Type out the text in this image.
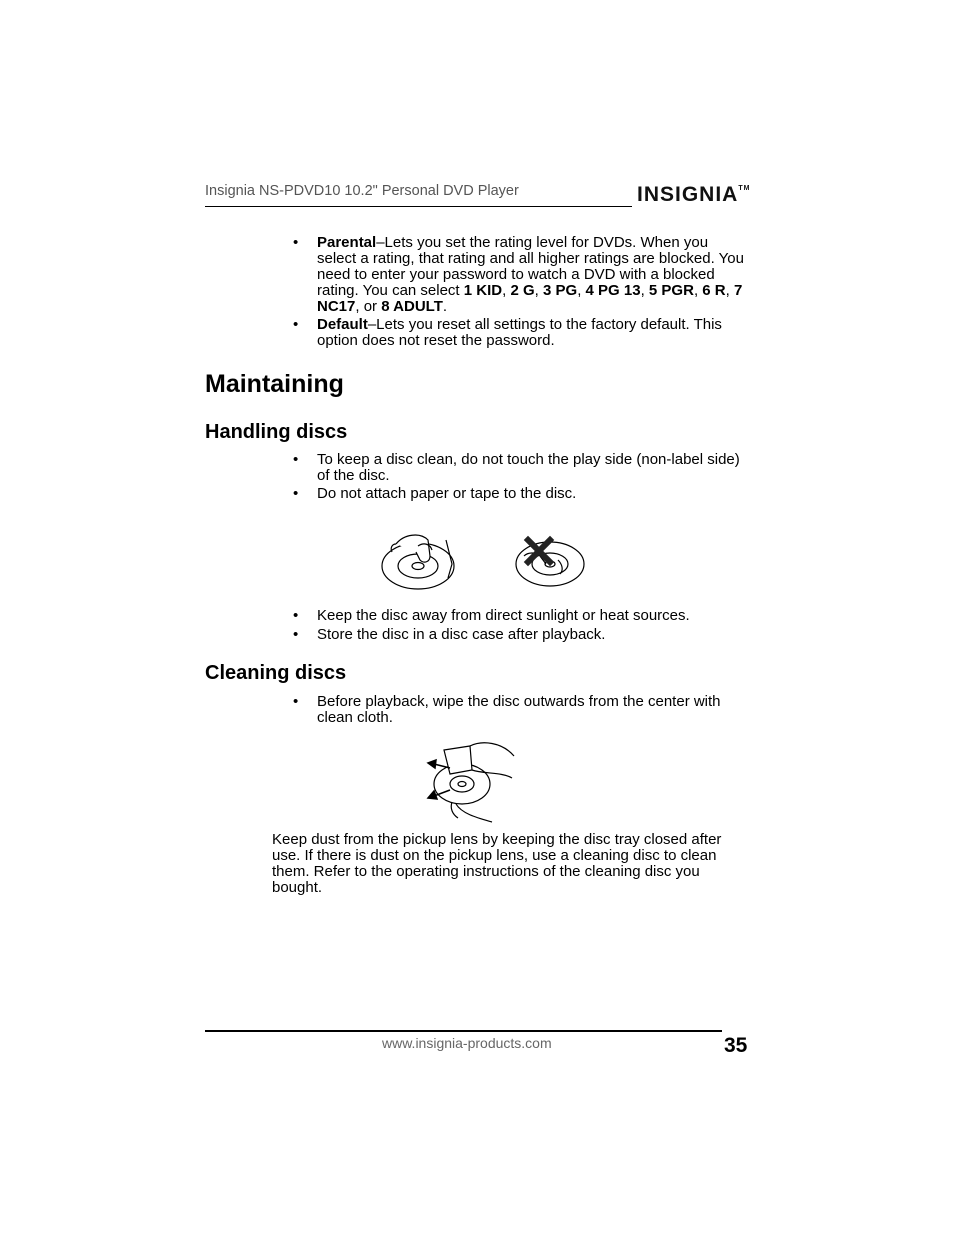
Insignia NS-PDVD10 10.2" Personal DVD Player	INSIGNIA™
• Parental–Lets you set the rating level for DVDs. When you select a rating, that rating and all higher ratings are blocked. You need to enter your password to watch a DVD with a blocked rating. You can select 1 KID, 2 G, 3 PG, 4 PG 13, 5 PGR, 6 R, 7 NC17, or 8 ADULT.
• Default–Lets you reset all settings to the factory default. This option does not reset the password.
Maintaining
Handling discs
• To keep a disc clean, do not touch the play side (non-label side) of the disc.
• Do not attach paper or tape to the disc.
• Keep the disc away from direct sunlight or heat sources.
• Store the disc in a disc case after playback.
Cleaning discs
• Before playback, wipe the disc outwards from the center with clean cloth.
Keep dust from the pickup lens by keeping the disc tray closed after use. If there is dust on the pickup lens, use a cleaning disc to clean them. Refer to the operating instructions of the cleaning disc you bought.
www.insignia-products.com	35
